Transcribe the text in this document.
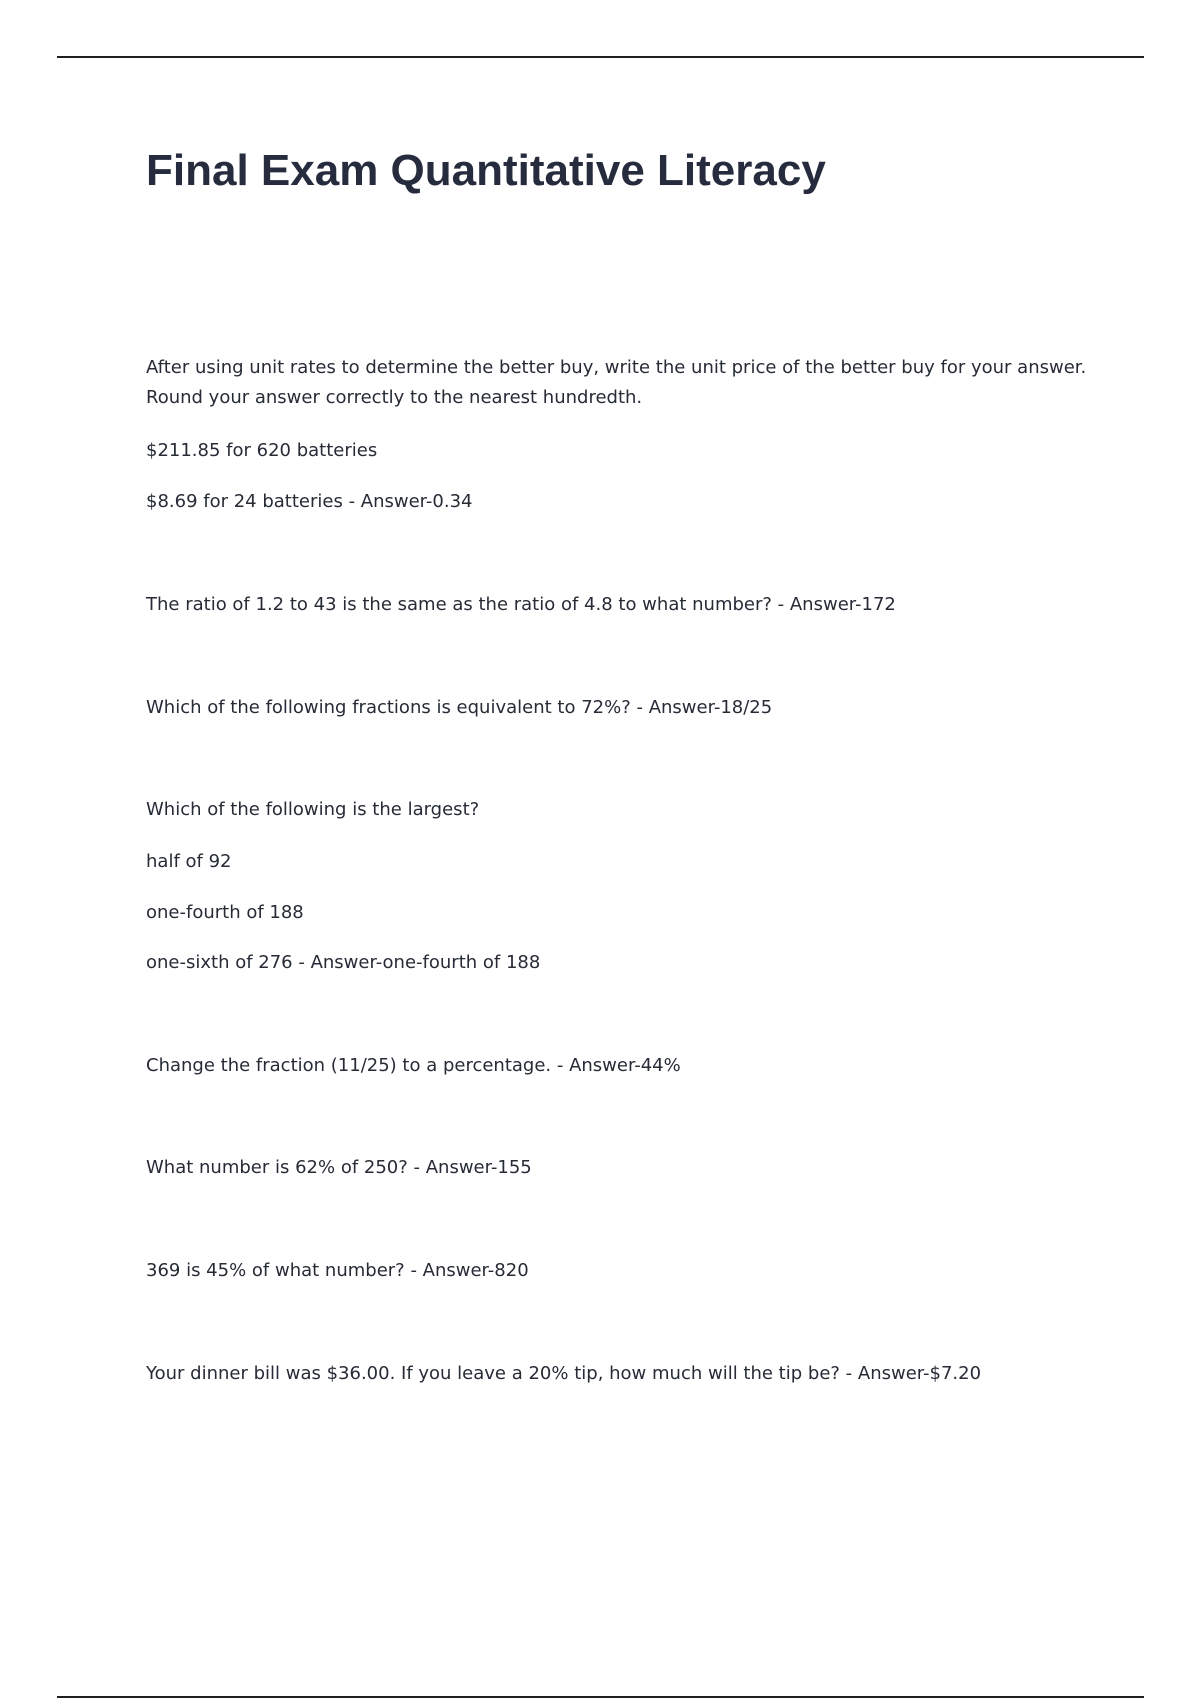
Final Exam Quantitative Literacy

After using unit rates to determine the better buy, write the unit price of the better buy for your answer.

Round your answer correctly to the nearest hundredth.

$211.85 for 620 batteries

$8.69 for 24 batteries - Answer-0.34

The ratio of 1.2 to 43 is the same as the ratio of 4.8 to what number? - Answer-172

Which of the following fractions is equivalent to 72%? - Answer-18/25

Which of the following is the largest?

half of 92

one-fourth of 188

one-sixth of 276 - Answer-one-fourth of 188

Change the fraction (11/25) to a percentage. - Answer-44%

What number is 62% of 250? - Answer-155

369 is 45% of what number? - Answer-820

Your dinner bill was $36.00. If you leave a 20% tip, how much will the tip be? - Answer-$7.20
